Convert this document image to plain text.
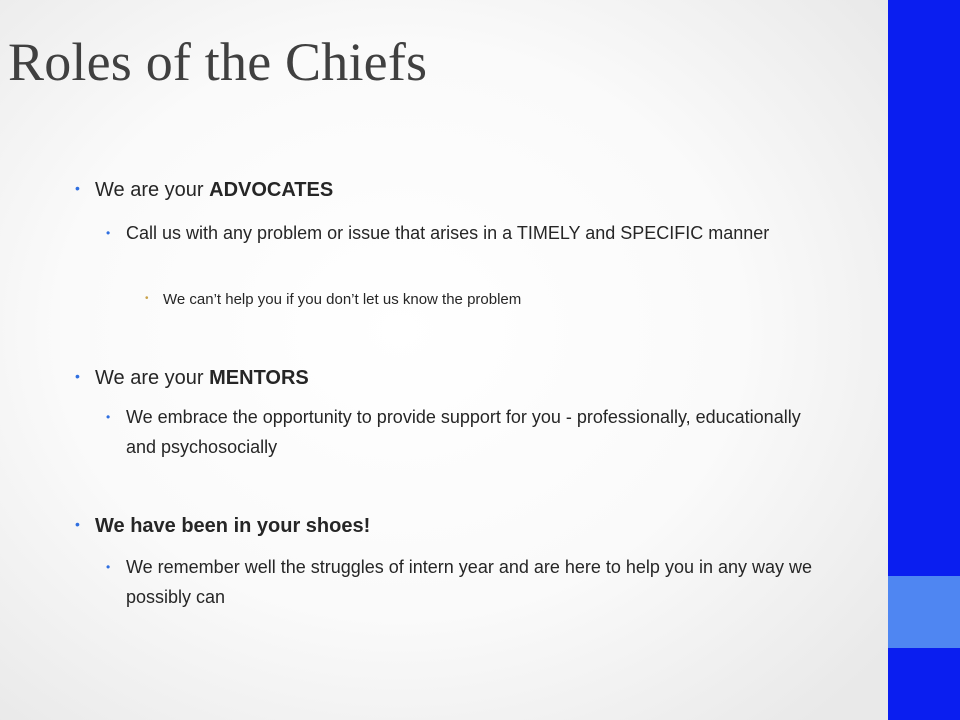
Roles of the Chiefs
• We are your ADVOCATES
• Call us with any problem or issue that arises in a TIMELY and SPECIFIC manner
• We can’t help you if you don’t let us know the problem
• We are your MENTORS
• We embrace the opportunity to provide support for you - professionally, educationally and psychosocially
• We have been in your shoes!
• We remember well the struggles of intern year and are here to help you in any way we possibly can
